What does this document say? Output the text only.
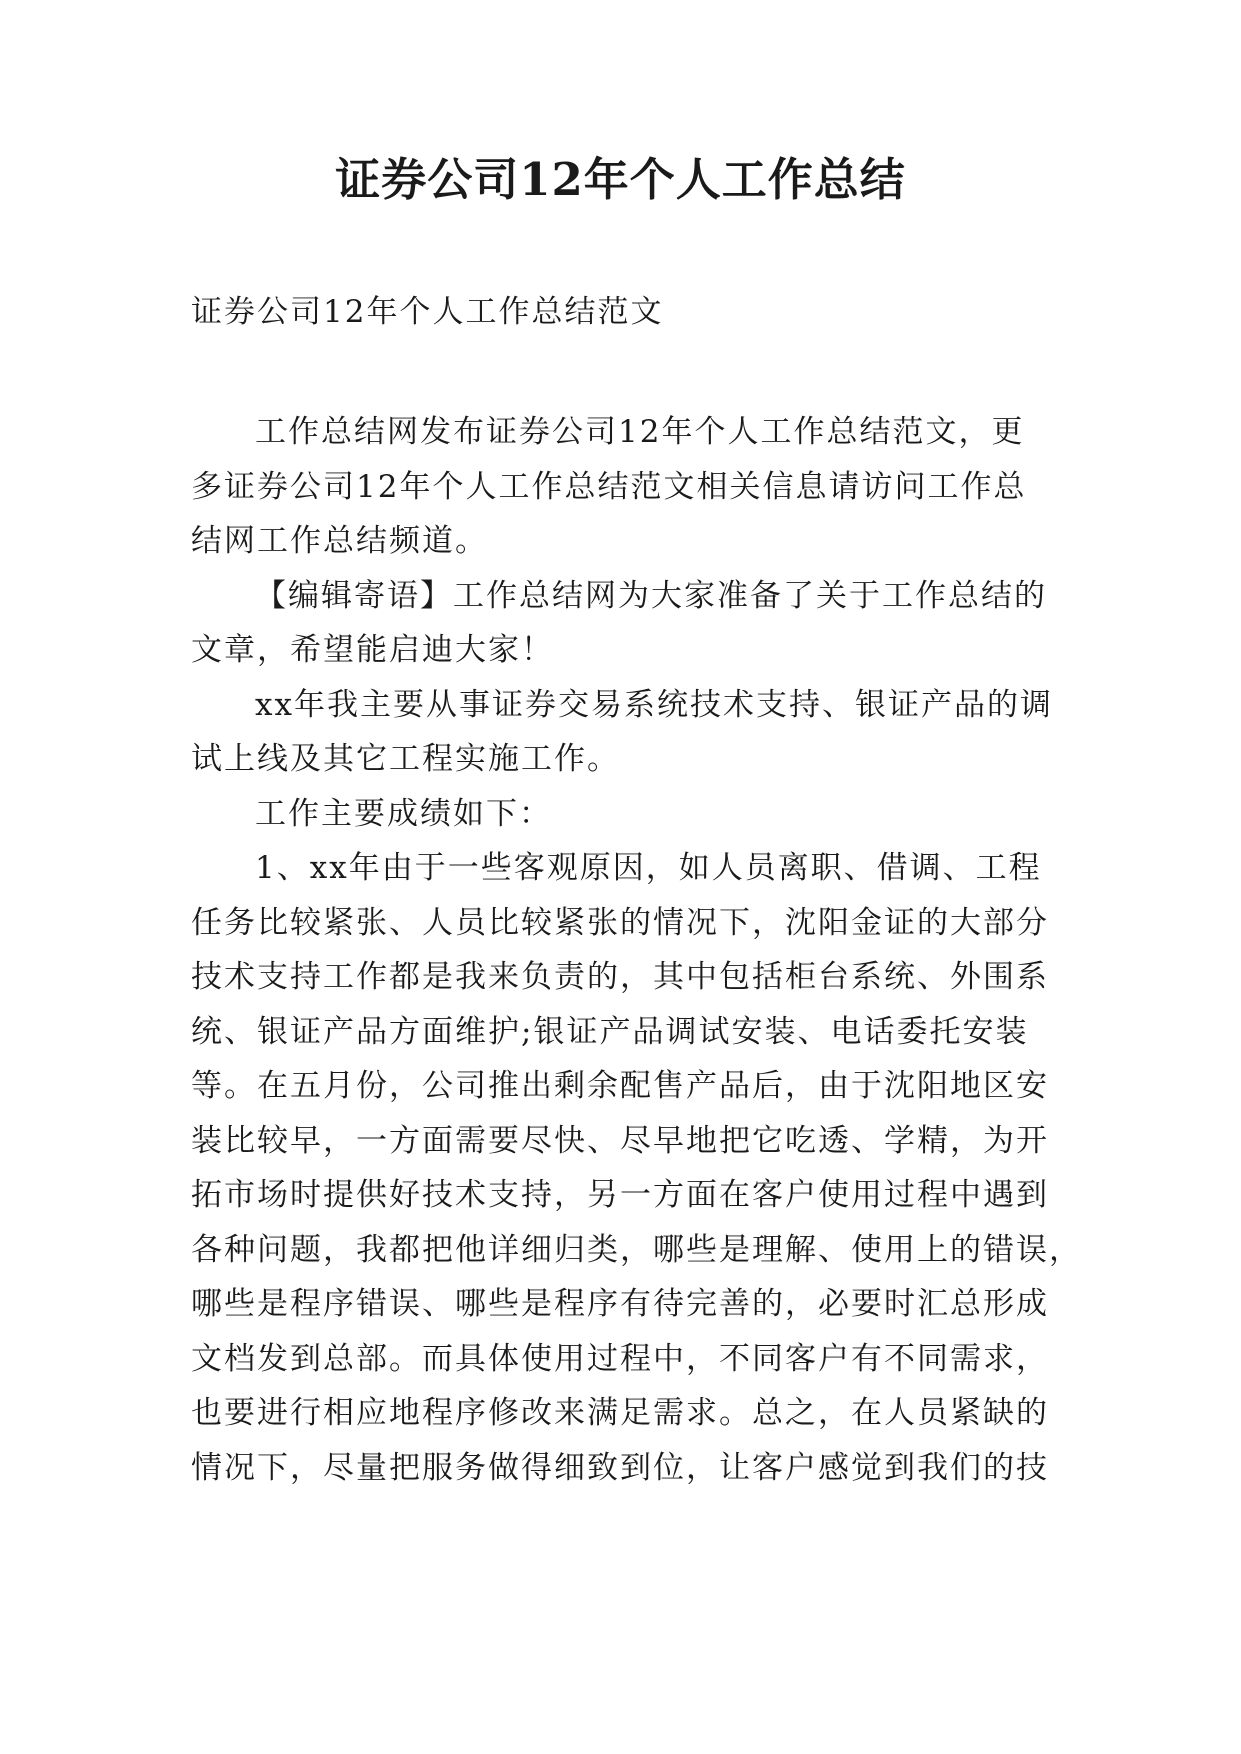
证券公司12年个人工作总结

证券公司12年个人工作总结范文

工作总结网发布证券公司12年个人工作总结范文，更
多证券公司12年个人工作总结范文相关信息请访问工作总
结网工作总结频道。

【编辑寄语】工作总结网为大家准备了关于工作总结的
文章，希望能启迪大家！

xx年我主要从事证券交易系统技术支持、银证产品的调
试上线及其它工程实施工作。

工作主要成绩如下：

1、xx年由于一些客观原因，如人员离职、借调、工程
任务比较紧张、人员比较紧张的情况下，沈阳金证的大部分
技术支持工作都是我来负责的，其中包括柜台系统、外围系
统、银证产品方面维护;银证产品调试安装、电话委托安装
等。在五月份，公司推出剩余配售产品后，由于沈阳地区安
装比较早，一方面需要尽快、尽早地把它吃透、学精，为开
拓市场时提供好技术支持，另一方面在客户使用过程中遇到
各种问题，我都把他详细归类，哪些是理解、使用上的错误，
哪些是程序错误、哪些是程序有待完善的，必要时汇总形成
文档发到总部。而具体使用过程中，不同客户有不同需求，
也要进行相应地程序修改来满足需求。总之，在人员紧缺的
情况下，尽量把服务做得细致到位，让客户感觉到我们的技
